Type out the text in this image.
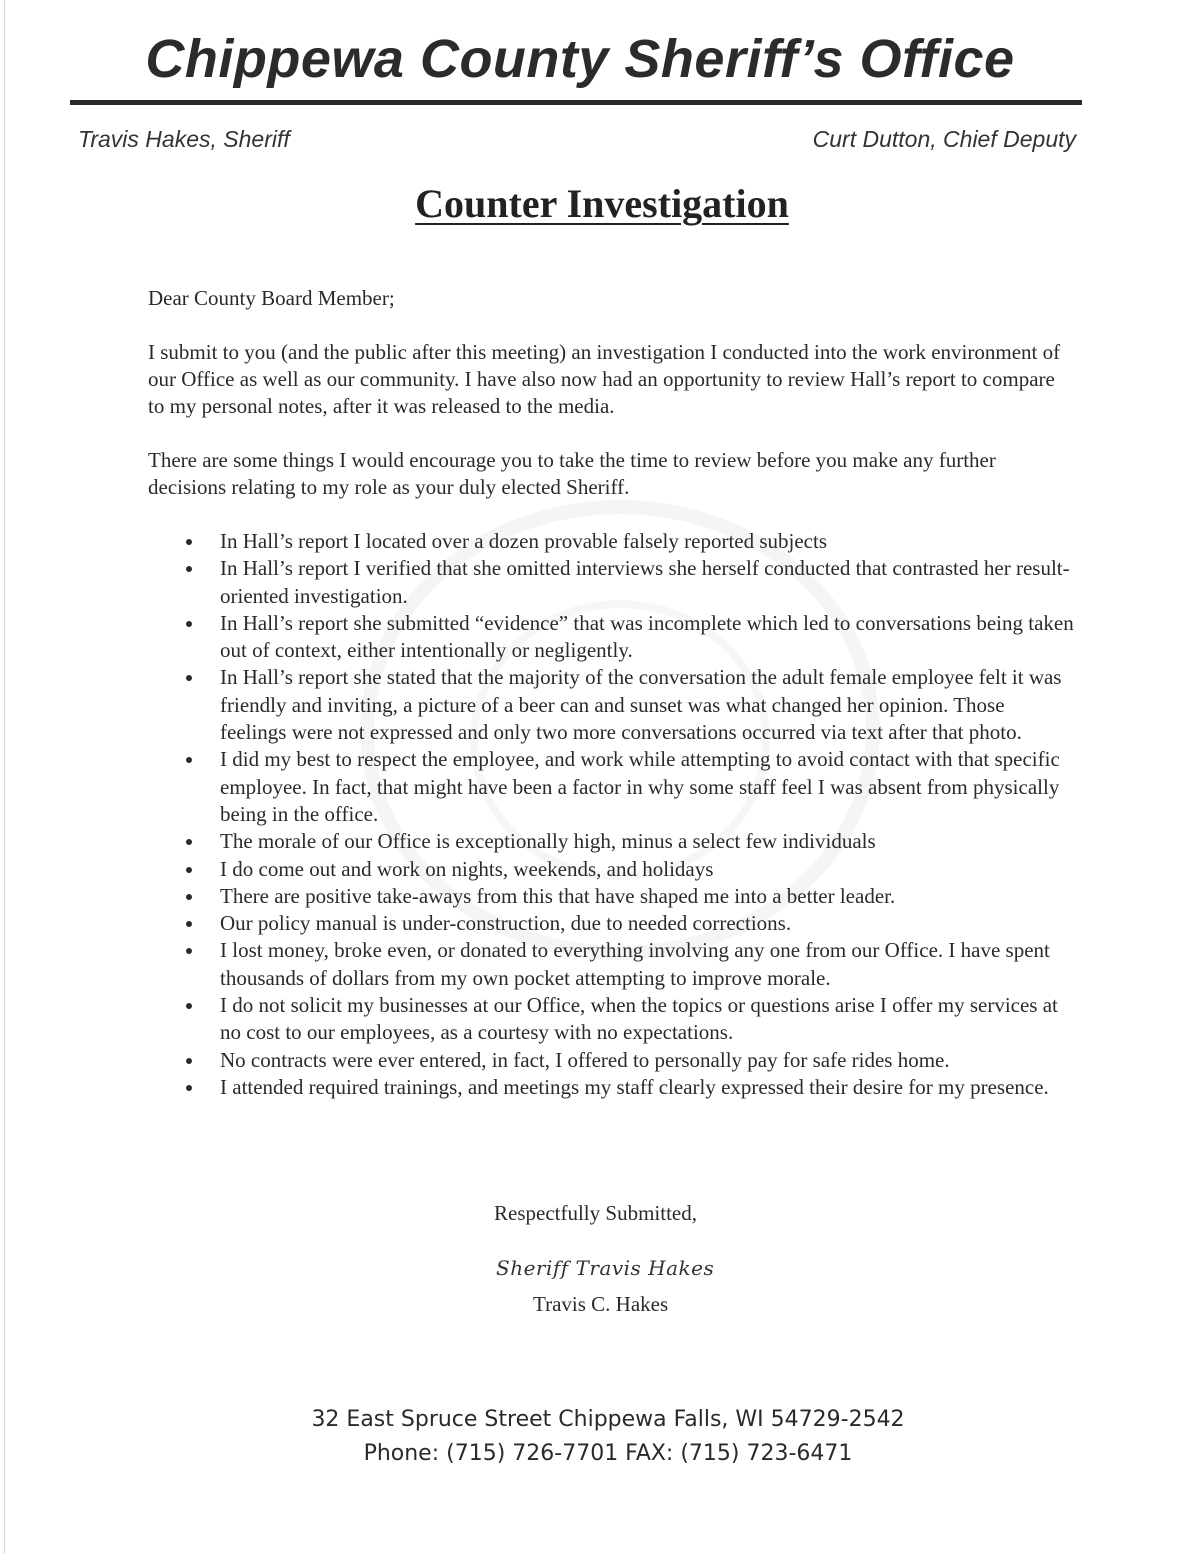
Chippewa County Sheriff’s Office
Travis Hakes, Sheriff	Curt Dutton, Chief Deputy
Counter Investigation
Dear County Board Member;
I submit to you (and the public after this meeting) an investigation I conducted into the work environment of our Office as well as our community. I have also now had an opportunity to review Hall’s report to compare to my personal notes, after it was released to the media.
There are some things I would encourage you to take the time to review before you make any further decisions relating to my role as your duly elected Sheriff.
In Hall’s report I located over a dozen provable falsely reported subjects
In Hall’s report I verified that she omitted interviews she herself conducted that contrasted her result-oriented investigation.
In Hall’s report she submitted “evidence” that was incomplete which led to conversations being taken out of context, either intentionally or negligently.
In Hall’s report she stated that the majority of the conversation the adult female employee felt it was friendly and inviting, a picture of a beer can and sunset was what changed her opinion. Those feelings were not expressed and only two more conversations occurred via text after that photo.
I did my best to respect the employee, and work while attempting to avoid contact with that specific employee. In fact, that might have been a factor in why some staff feel I was absent from physically being in the office.
The morale of our Office is exceptionally high, minus a select few individuals
I do come out and work on nights, weekends, and holidays
There are positive take-aways from this that have shaped me into a better leader.
Our policy manual is under-construction, due to needed corrections.
I lost money, broke even, or donated to everything involving any one from our Office. I have spent thousands of dollars from my own pocket attempting to improve morale.
I do not solicit my businesses at our Office, when the topics or questions arise I offer my services at no cost to our employees, as a courtesy with no expectations.
No contracts were ever entered, in fact, I offered to personally pay for safe rides home.
I attended required trainings, and meetings my staff clearly expressed their desire for my presence.
Respectfully Submitted,
Sheriff Travis Hakes
Travis C. Hakes
32 East Spruce Street Chippewa Falls, WI 54729-2542
Phone: (715) 726-7701 FAX: (715) 723-6471
